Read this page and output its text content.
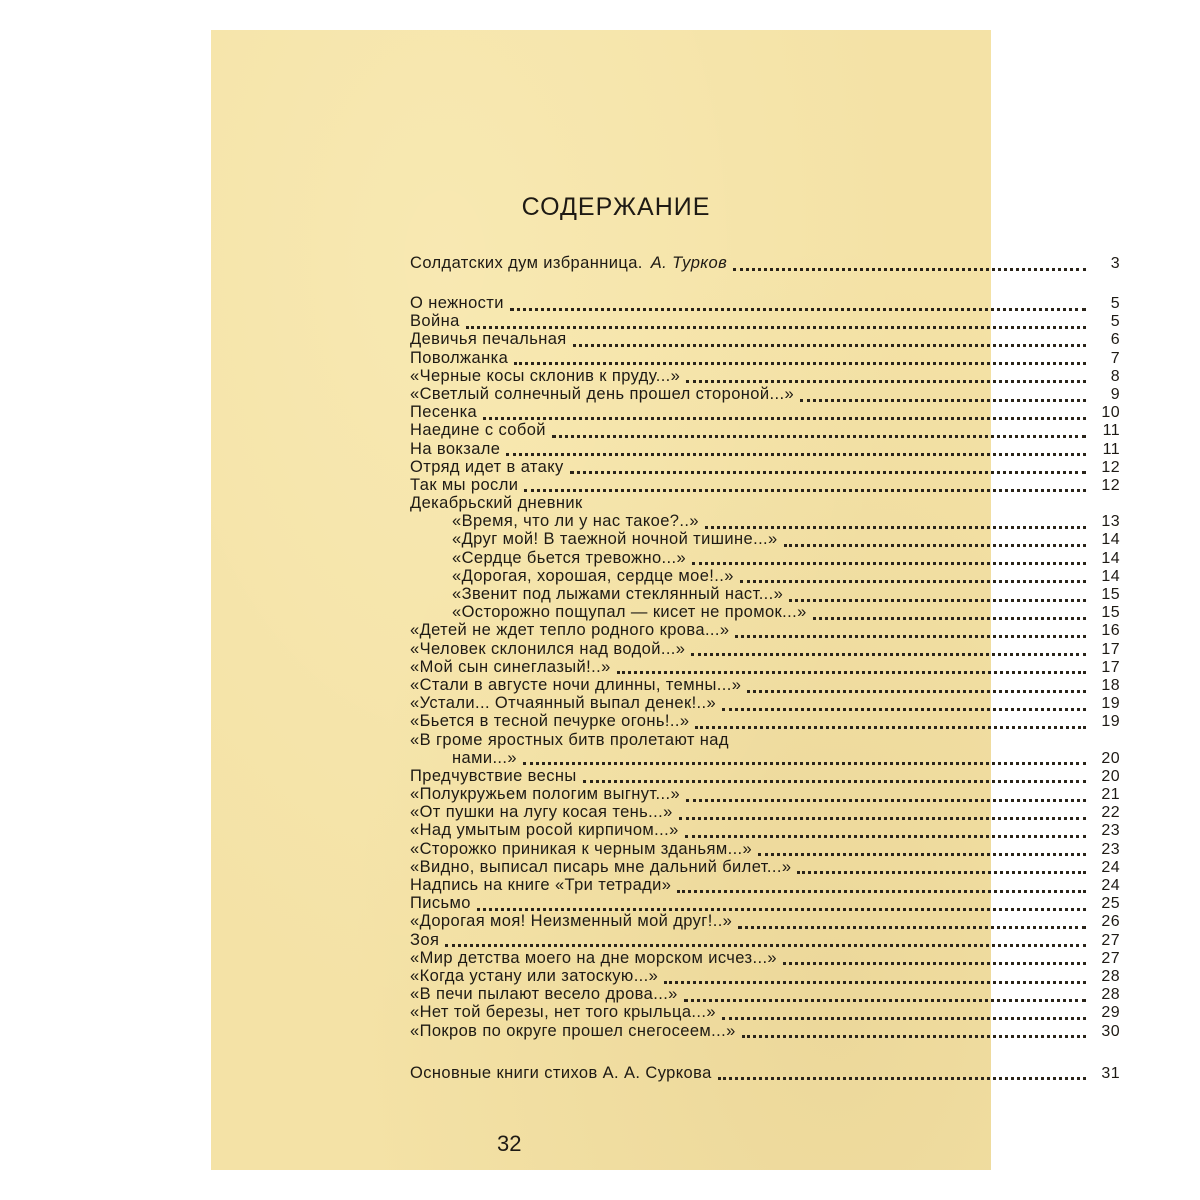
СОДЕРЖАНИЕ
Солдатских дум избранница. А. Турков	3
О нежности	5
Война	5
Девичья печальная	6
Поволжанка	7
«Черные косы склонив к пруду...»	8
«Светлый солнечный день прошел стороной...»	9
Песенка	10
Наедине с собой	11
На вокзале	11
Отряд идет в атаку	12
Так мы росли	12
Декабрьский дневник
«Время, что ли у нас такое?..»	13
«Друг мой! В таежной ночной тишине...»	14
«Сердце бьется тревожно...»	14
«Дорогая, хорошая, сердце мое!..»	14
«Звенит под лыжами стеклянный наст...»	15
«Осторожно пощупал — кисет не промок...»	15
«Детей не ждет тепло родного крова...»	16
«Человек склонился над водой...»	17
«Мой сын синеглазый!..»	17
«Стали в августе ночи длинны, темны...»	18
«Устали... Отчаянный выпал денек!..»	19
«Бьется в тесной печурке огонь!..»	19
«В громе яростных битв пролетают над
нами...»	20
Предчувствие весны	20
«Полукружьем пологим выгнут...»	21
«От пушки на лугу косая тень...»	22
«Над умытым росой кирпичом...»	23
«Сторожко приникая к черным зданьям...»	23
«Видно, выписал писарь мне дальний билет...»	24
Надпись на книге «Три тетради»	24
Письмо	25
«Дорогая моя! Неизменный мой друг!..»	26
Зоя	27
«Мир детства моего на дне морском исчез...»	27
«Когда устану или затоскую...»	28
«В печи пылают весело дрова...»	28
«Нет той березы, нет того крыльца...»	29
«Покров по округе прошел снегосеем...»	30
Основные книги стихов А. А. Суркова	31
32
